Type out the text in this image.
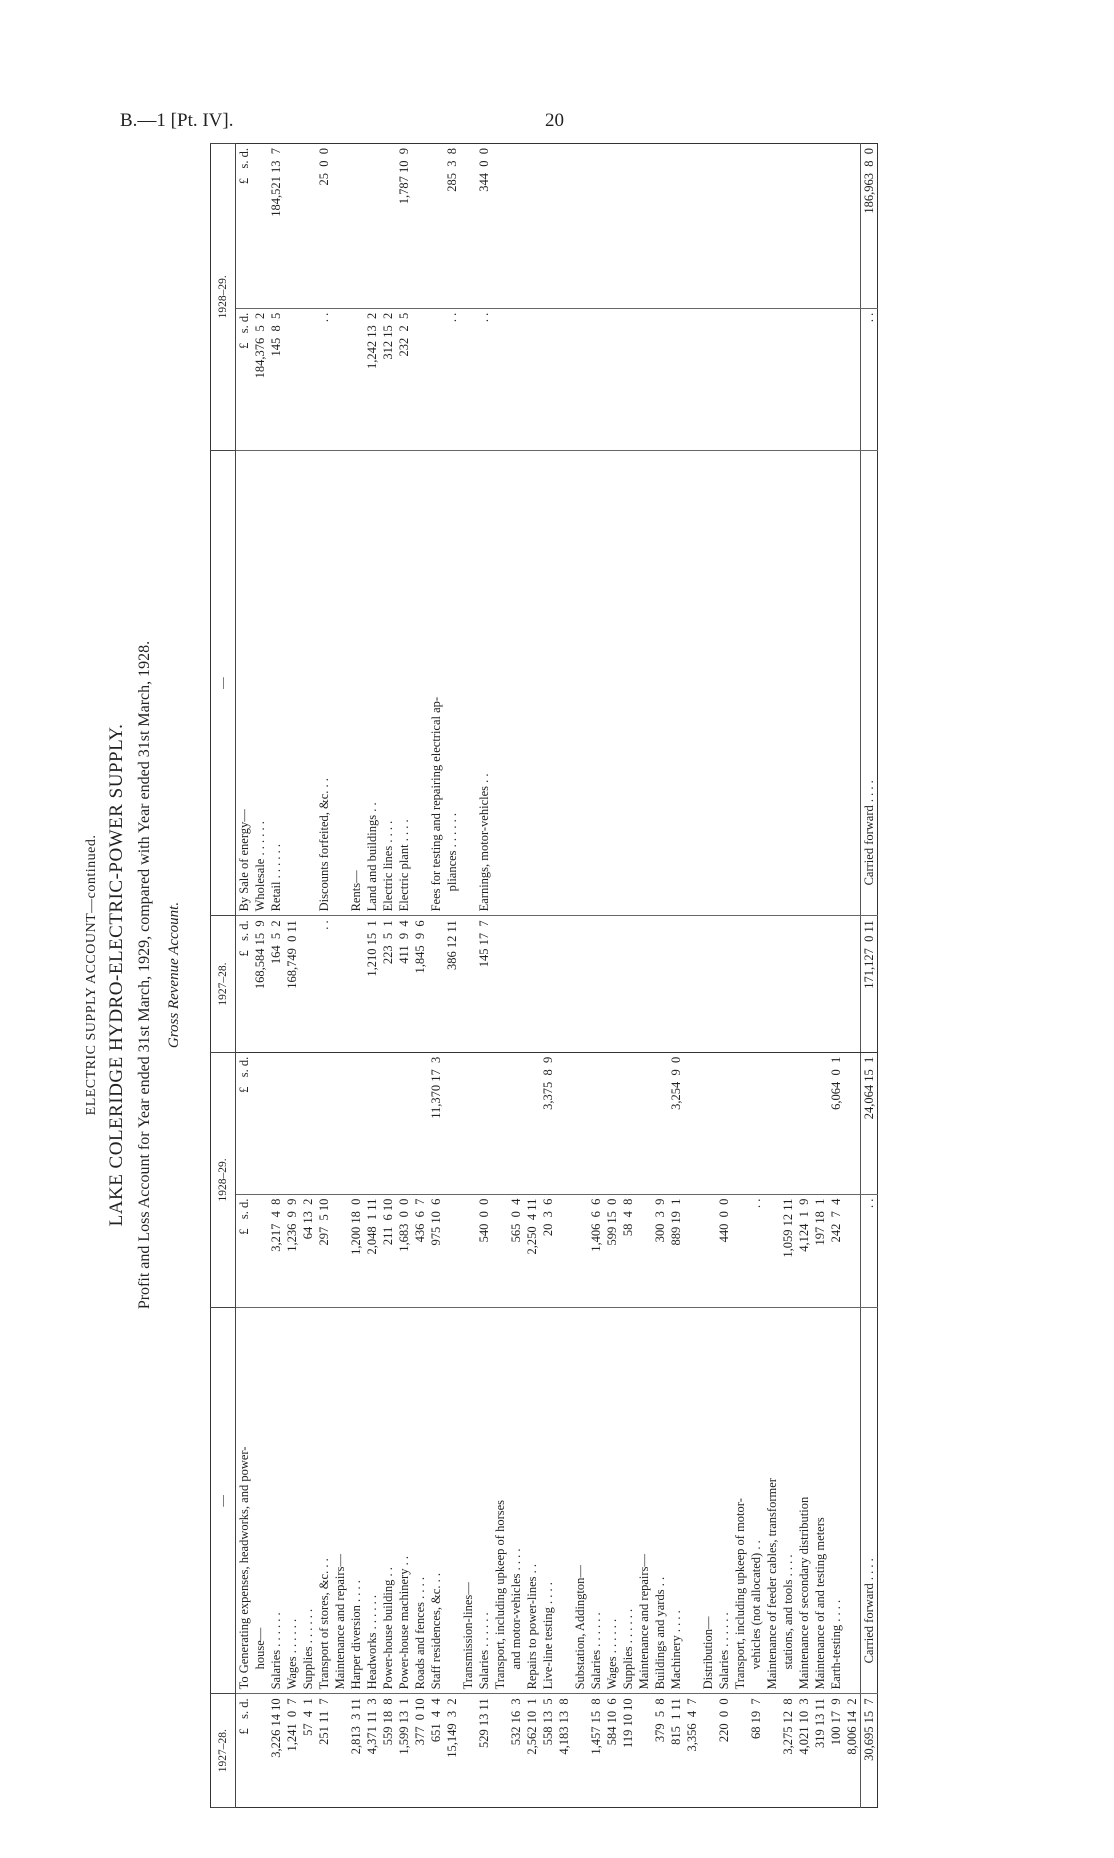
B.—1 [Pt. IV].	20
ELECTRIC SUPPLY ACCOUNT—continued. LAKE COLERIDGE HYDRO-ELECTRIC-POWER SUPPLY. Profit and Loss Account for Year ended 31st March, 1929, compared with Year ended 31st March, 1928. Gross Revenue Account.
1927–28.	—	1928–29.		1927–28.	—	1928–29.	
£   s. d.	To Generating expenses, headworks, and power-	£   s. d.	£   s. d.	£   s. d.	By Sale of energy—	£   s. d.	£   s. d.
	house—			168,584 15  9	Wholesale . . . . . .	184,376  5  2	
3,226 14 10	Salaries . . . . . .	3,217  4  8		164  5  2	Retail . . . . . .	145  8  5	184,521 13  7
1,241  0  7	Wages . . . . . .	1,236  9  9		168,749  0 11			
57  4  1	Supplies . . . . . .	64 13  2					
251 11  7	Transport of stores, &c. . .	297  5 10		. .	Discounts forfeited, &c. . .	. .	25  0  0
	Maintenance and repairs—						
2,813  3 11	Harper diversion . . . .	1,200 18  0			Rents—		
4,371 11  3	Headworks . . . . . .	2,048  1 11		1,210 15  1	Land and buildings . .	1,242 13  2	
559 18  8	Power-house building . .	211  6 10		223  5  1	Electric lines . . . .	312 15  2	
1,599 13  1	Power-house machinery . .	1,683  0  0		411  9  4	Electric plant . . . .	232  2  5	1,787 10  9
377  0 10	Roads and fences . . . .	436  6  7		1,845  9  6			
651  4  4	Staff residences, &c. . .	975 10  6	11,370 17  3		Fees for testing and repairing electrical ap-		
15,149  3  2				386 12 11	pliances . . . . . .	. .	285  3  8
	Transmission-lines—						
529 13 11	Salaries . . . . . .	540  0  0		145 17  7	Earnings, motor-vehicles . .	. .	344  0  0
	Transport, including upkeep of horses						
532 16  3	and motor-vehicles . . . .	565  0  4					
2,562 10  1	Repairs to power-lines . .	2,250  4 11					
558 13  5	Live-line testing . . . .	20  3  6	3,375  8  9				
4,183 13  8							
	Substation, Addington—						
1,457 15  8	Salaries . . . . . .	1,406  6  6					
584 10  6	Wages . . . . . .	599 15  0					
119 10 10	Supplies . . . . . .	58  4  8					
	Maintenance and repairs—						
379  5  8	Buildings and yards . .	300  3  9					
815  1 11	Machinery . . . .	889 19  1	3,254  9  0				
3,356  4  7							
	Distribution—						
220  0  0	Salaries . . . . . .	440  0  0					
	Transport, including upkeep of motor-						
68 19  7	vehicles (not allocated) . .	. .					
	Maintenance of feeder cables, transformer						
3,275 12  8	stations, and tools . . . .	1,059 12 11					
4,021 10  3	Maintenance of secondary distribution	4,124  1  9					
319 13 11	Maintenance of and testing meters	197 18  1					
100 17  9	Earth-testing . . . .	242  7  4	6,064  0  1				
8,006 14  2							
30,695 15  7	Carried forward . . . .	. .	24,064 15  1	171,127  0 11	Carried forward . . . .	. .	186,963  8  0
